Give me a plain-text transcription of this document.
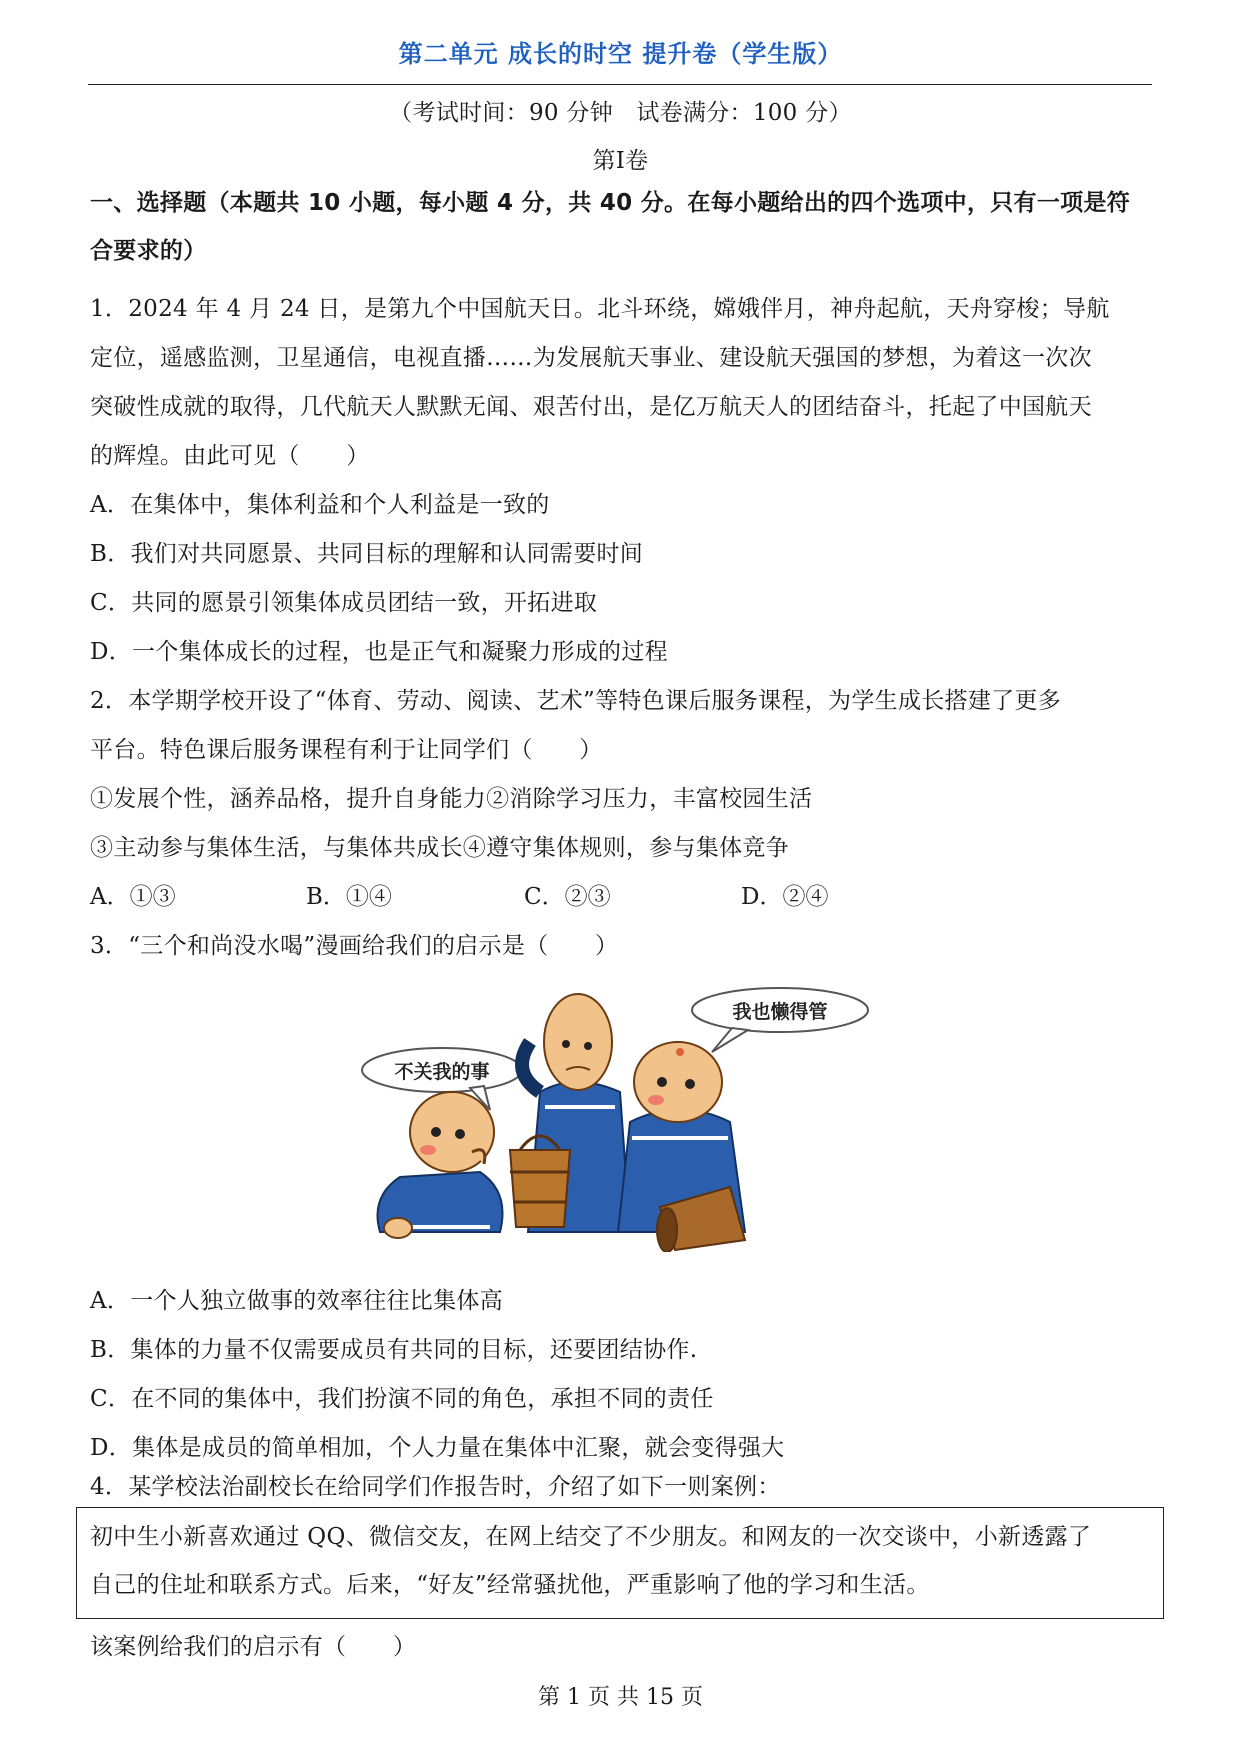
第二单元 成长的时空 提升卷（学生版）
（考试时间：90 分钟　试卷满分：100 分）
第I卷
一、选择题（本题共 10 小题，每小题 4 分，共 40 分。在每小题给出的四个选项中，只有一项是符
合要求的）
1．2024 年 4 月 24 日，是第九个中国航天日。北斗环绕，嫦娥伴月，神舟起航，天舟穿梭；导航
定位，遥感监测，卫星通信，电视直播……为发展航天事业、建设航天强国的梦想，为着这一次次
突破性成就的取得，几代航天人默默无闻、艰苦付出，是亿万航天人的团结奋斗，托起了中国航天
的辉煌。由此可见（　　）
A．在集体中，集体利益和个人利益是一致的
B．我们对共同愿景、共同目标的理解和认同需要时间
C．共同的愿景引领集体成员团结一致，开拓进取
D．一个集体成长的过程，也是正气和凝聚力形成的过程
2．本学期学校开设了“体育、劳动、阅读、艺术”等特色课后服务课程，为学生成长搭建了更多
平台。特色课后服务课程有利于让同学们（　　）
①发展个性，涵养品格，提升自身能力②消除学习压力，丰富校园生活
③主动参与集体生活，与集体共成长④遵守集体规则，参与集体竞争
A．①③	B．①④	C．②③	D．②④
3．“三个和尚没水喝”漫画给我们的启示是（　　）
不关我的事
我也懒得管
A．一个人独立做事的效率往往比集体高
B．集体的力量不仅需要成员有共同的目标，还要团结协作.
C．在不同的集体中，我们扮演不同的角色，承担不同的责任
D．集体是成员的简单相加，个人力量在集体中汇聚，就会变得强大
4．某学校法治副校长在给同学们作报告时，介绍了如下一则案例：
初中生小新喜欢通过 QQ、微信交友，在网上结交了不少朋友。和网友的一次交谈中，小新透露了
自己的住址和联系方式。后来，“好友”经常骚扰他，严重影响了他的学习和生活。
该案例给我们的启示有（　　）
第 1 页 共 15 页
